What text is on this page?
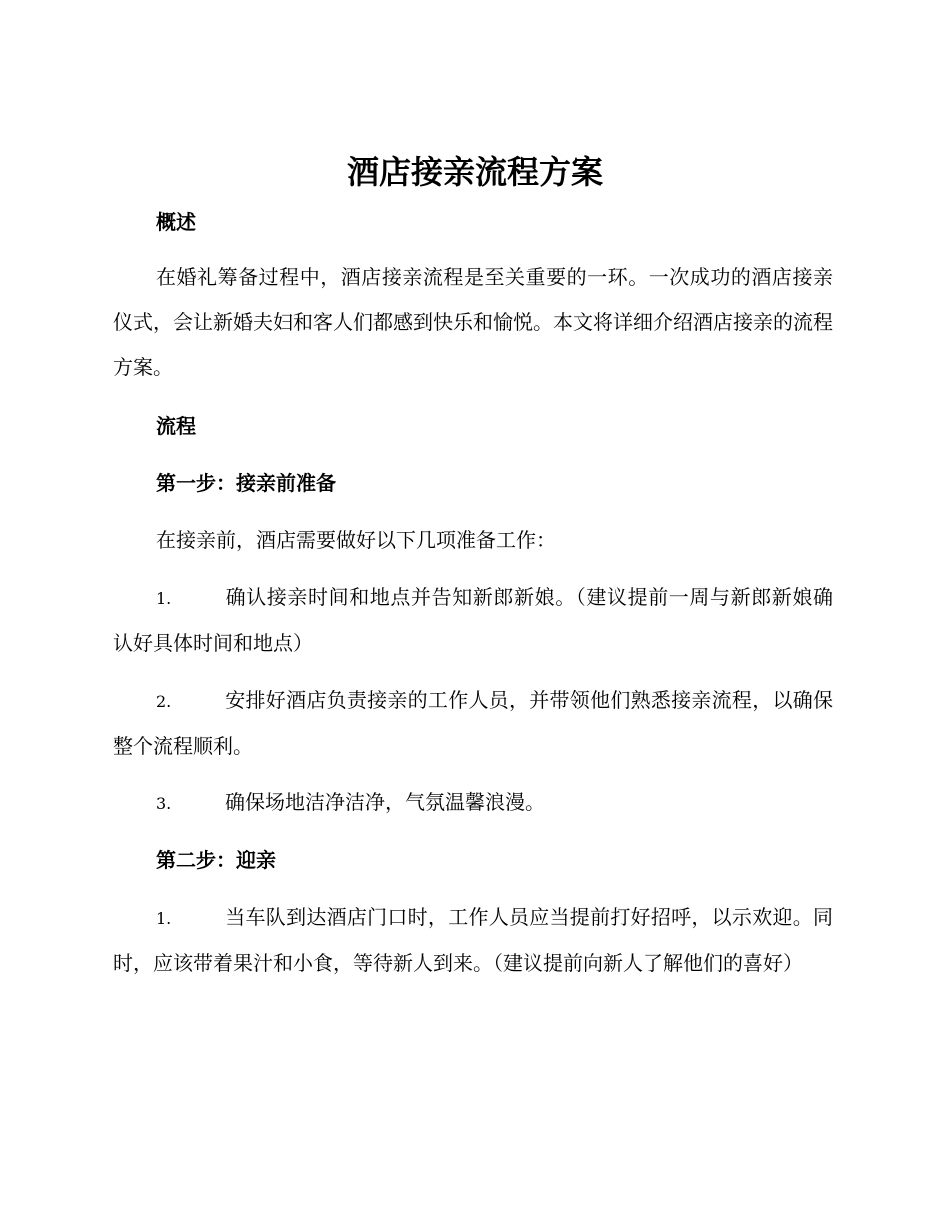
酒店接亲流程方案
概述

在婚礼筹备过程中，酒店接亲流程是至关重要的一环。一次成功的酒店接亲仪式，会让新婚夫妇和客人们都感到快乐和愉悦。本文将详细介绍酒店接亲的流程方案。

流程
第一步：接亲前准备

在接亲前，酒店需要做好以下几项准备工作：

1.	确认接亲时间和地点并告知新郎新娘。（建议提前一周与新郎新娘确认好具体时间和地点）

2.	安排好酒店负责接亲的工作人员，并带领他们熟悉接亲流程，以确保整个流程顺利。

3.	确保场地洁净洁净，气氛温馨浪漫。

第二步：迎亲

1.	当车队到达酒店门口时，工作人员应当提前打好招呼，以示欢迎。同时，应该带着果汁和小食，等待新人到来。（建议提前向新人了解他们的喜好）
